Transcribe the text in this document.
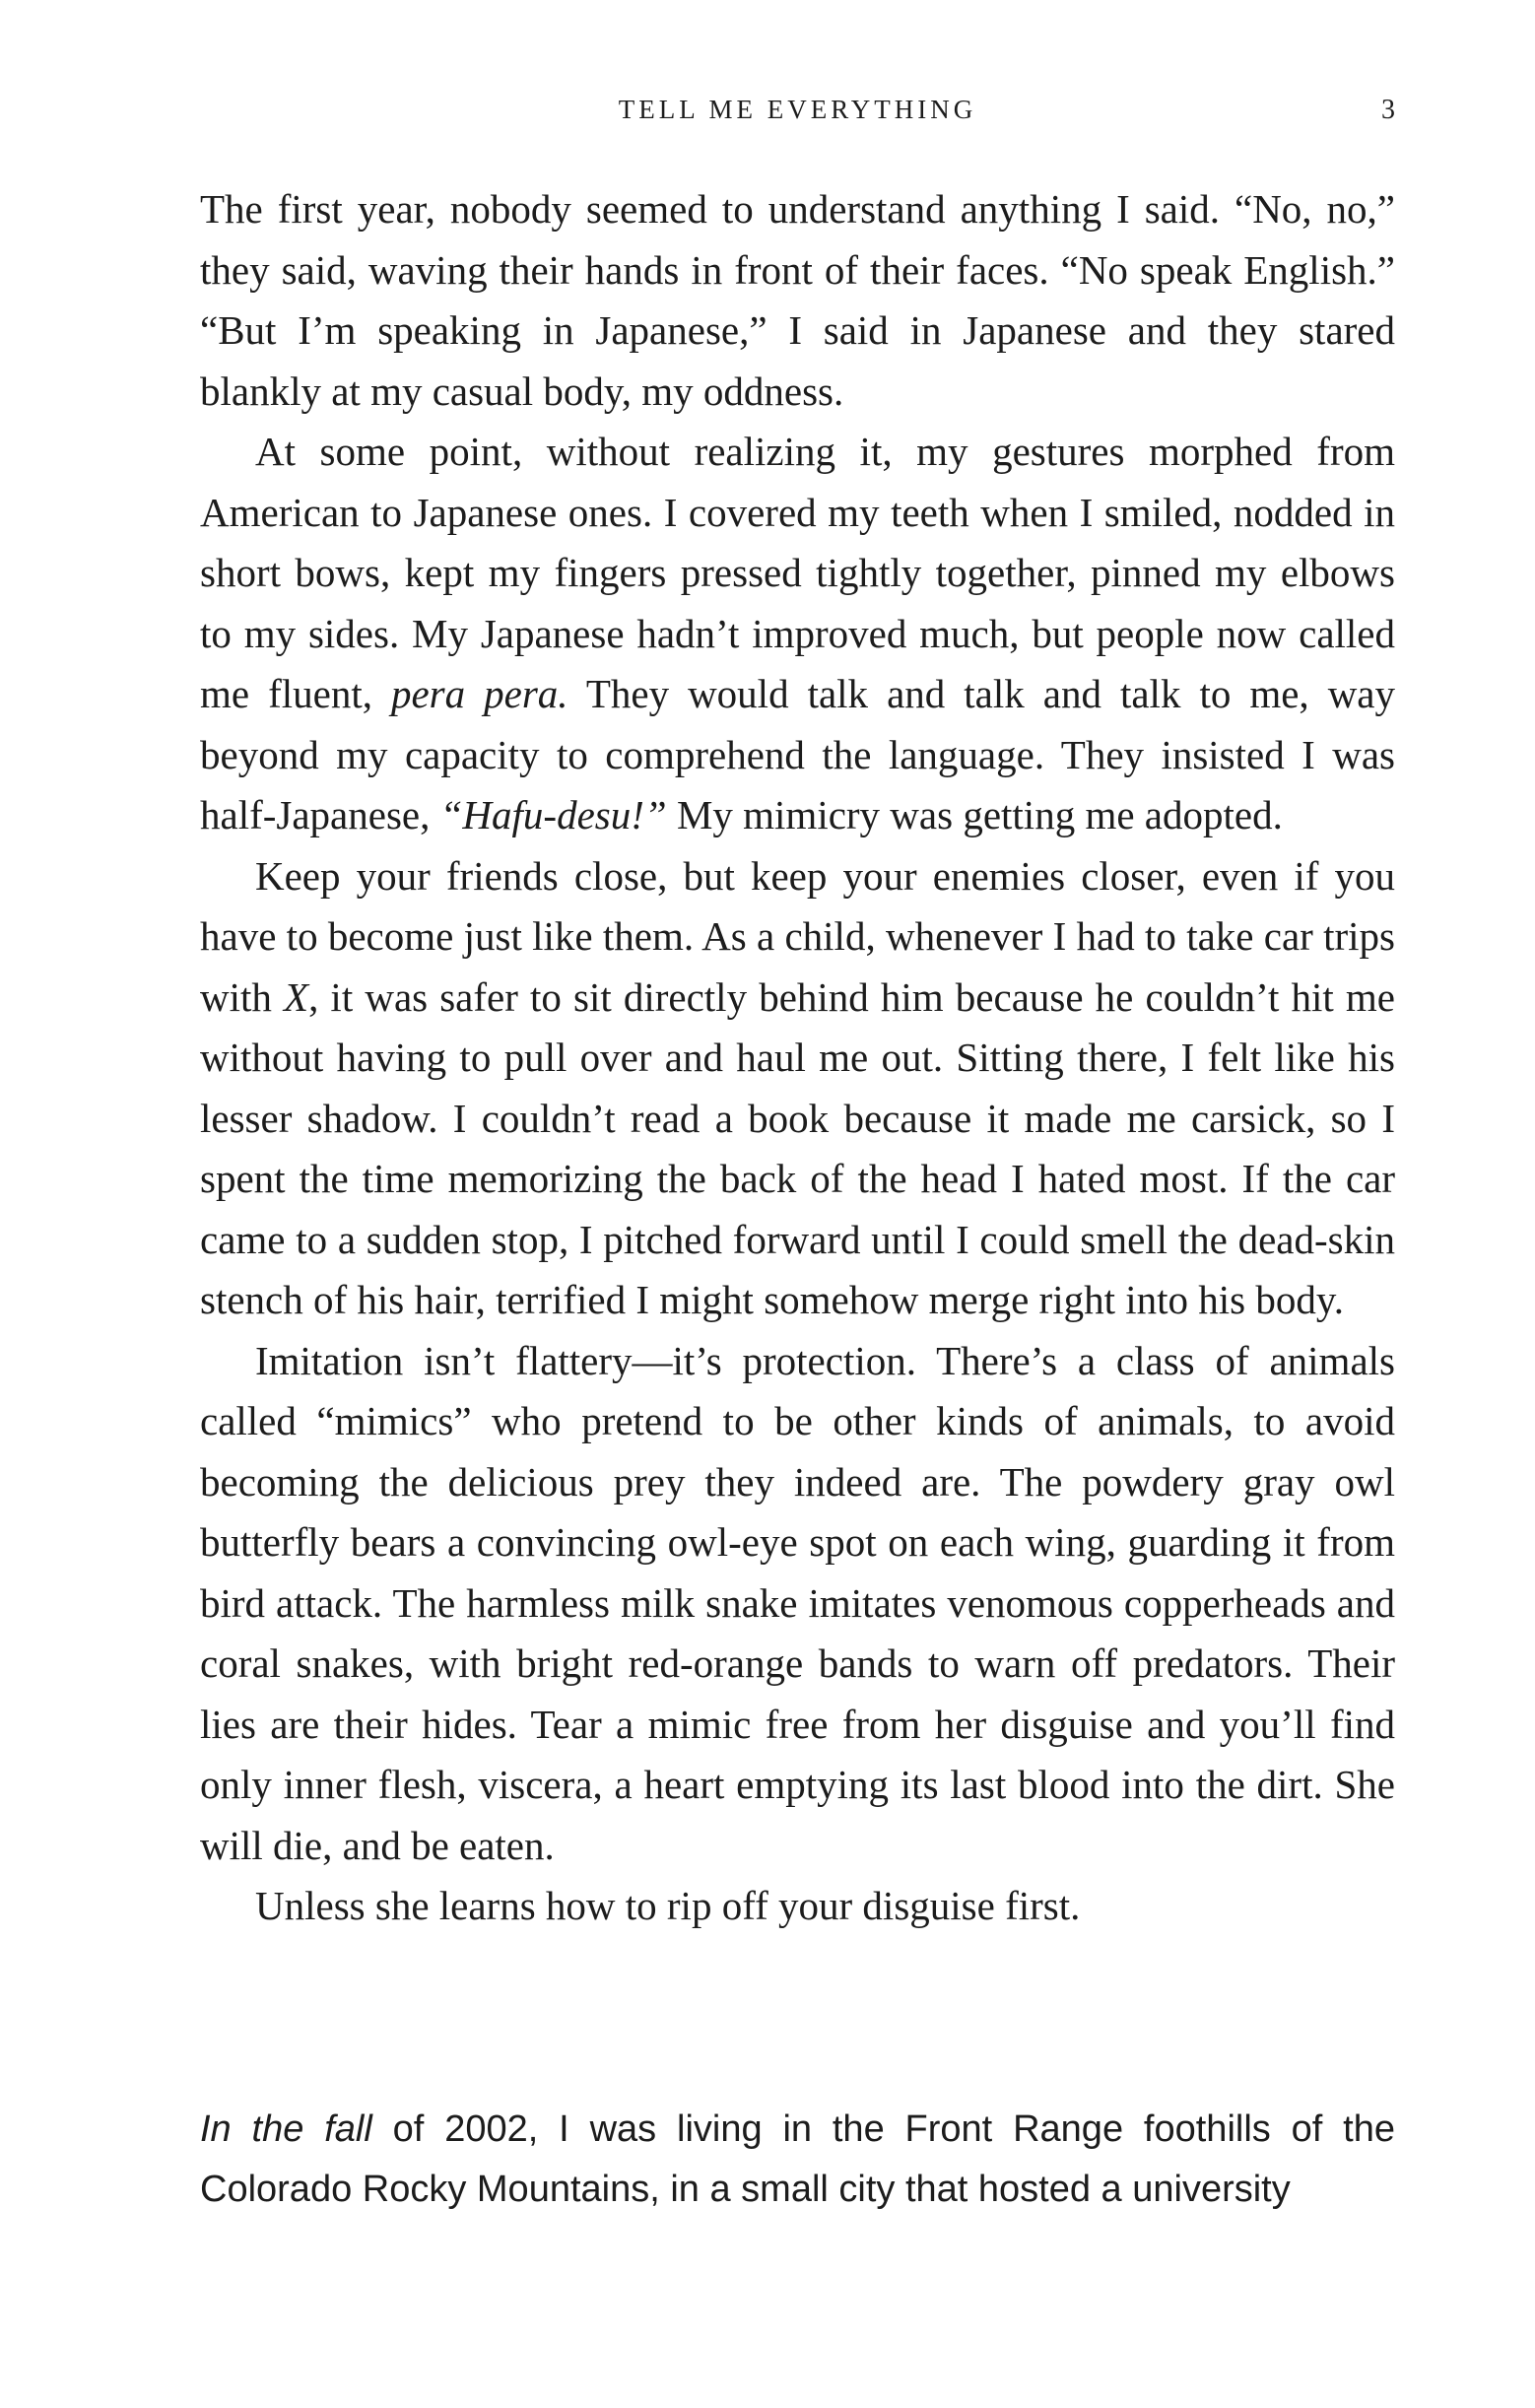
TELL ME EVERYTHING	3

The first year, nobody seemed to understand anything I said. “No, no,” they said, waving their hands in front of their faces. “No speak English.” “But I’m speaking in Japanese,” I said in Japanese and they stared blankly at my casual body, my oddness.

At some point, without realizing it, my gestures morphed from American to Japanese ones. I covered my teeth when I smiled, nodded in short bows, kept my fingers pressed tightly together, pinned my elbows to my sides. My Japanese hadn’t improved much, but people now called me fluent, pera pera. They would talk and talk and talk to me, way beyond my capacity to comprehend the language. They insisted I was half-Japanese, “Hafu-desu!” My mimicry was getting me adopted.

Keep your friends close, but keep your enemies closer, even if you have to become just like them. As a child, whenever I had to take car trips with X, it was safer to sit directly behind him because he couldn’t hit me without having to pull over and haul me out. Sitting there, I felt like his lesser shadow. I couldn’t read a book because it made me carsick, so I spent the time memorizing the back of the head I hated most. If the car came to a sudden stop, I pitched forward until I could smell the dead-skin stench of his hair, terrified I might somehow merge right into his body.

Imitation isn’t flattery—it’s protection. There’s a class of animals called “mimics” who pretend to be other kinds of animals, to avoid becoming the delicious prey they indeed are. The powdery gray owl butterfly bears a convincing owl-eye spot on each wing, guarding it from bird attack. The harmless milk snake imitates venomous copperheads and coral snakes, with bright red-orange bands to warn off predators. Their lies are their hides. Tear a mimic free from her disguise and you’ll find only inner flesh, viscera, a heart emptying its last blood into the dirt. She will die, and be eaten.

Unless she learns how to rip off your disguise first.

In the fall of 2002, I was living in the Front Range foothills of the Colorado Rocky Mountains, in a small city that hosted a university
